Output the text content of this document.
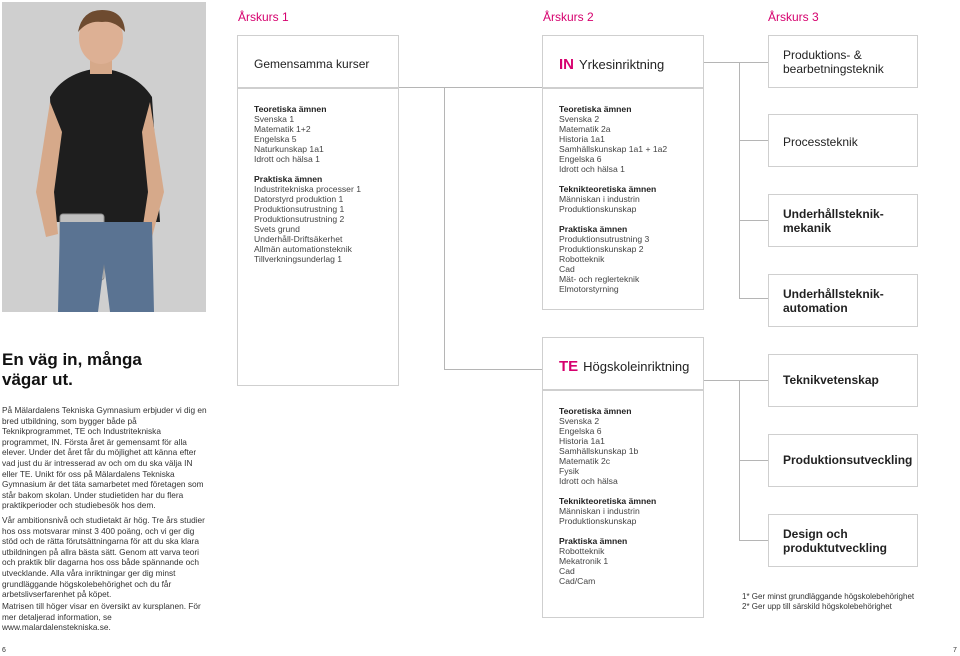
Årskurs 1	Årskurs 2	Årskurs 3
Gemensamma kurser
Teoretiska ämnen
Svenska 1
Matematik 1+2
Engelska 5
Naturkunskap 1a1
Idrott och hälsa 1
Praktiska ämnen
Industritekniska processer 1
Datorstyrd produktion 1
Produktionsutrustning 1
Produktionsutrustning 2
Svets grund
Underhåll-Driftsäkerhet
Allmän automationsteknik
Tillverkningsunderlag 1
IN Yrkesinriktning
Teoretiska ämnen
Svenska 2
Matematik 2a
Historia 1a1
Samhällskunskap 1a1 + 1a2
Engelska 6
Idrott och hälsa 1
Teknikteoretiska ämnen
Människan i industrin
Produktionskunskap
Praktiska ämnen
Produktionsutrustning 3
Produktionskunskap 2
Robotteknik
Cad
Mät- och reglerteknik
Elmotorstyrning
TE Högskoleinriktning
Teoretiska ämnen
Svenska 2
Engelska 6
Historia 1a1
Samhällskunskap 1b
Matematik 2c
Fysik
Idrott och hälsa
Teknikteoretiska ämnen
Människan i industrin
Produktionskunskap
Praktiska ämnen
Robotteknik
Mekatronik 1
Cad
Cad/Cam
Produktions- & bearbetningsteknik
Processteknik
Underhållsteknik-mekanik
Underhållsteknik-automation
Teknikvetenskap
Produktionsutveckling
Design och produktutveckling
1* Ger minst grundläggande högskolebehörighet
2* Ger upp till särskild högskolebehörighet
En väg in, många vägar ut.
På Mälardalens Tekniska Gymnasium erbjuder vi dig en bred utbildning, som bygger både på Teknikprogrammet, TE och Industritekniska programmet, IN. Första året är gemensamt för alla elever. Under det året får du möjlighet att känna efter vad just du är intresserad av och om du ska välja IN eller TE. Unikt för oss på Mälardalens Tekniska Gymnasium är det täta samarbetet med företagen som står bakom skolan. Under studietiden har du flera praktikperioder och studiebesök hos dem.
Vår ambitionsnivå och studietakt är hög. Tre års studier hos oss motsvarar minst 3 400 poäng, och vi ger dig stöd och de rätta förutsättningarna för att du ska klara utbildningen på allra bästa sätt. Genom att varva teori och praktik blir dagarna hos oss både spännande och utvecklande. Alla våra inriktningar ger dig minst grundläggande högskolebehörighet och du får arbetslivserfarenhet på köpet.
Matrisen till höger visar en översikt av kursplanen. För mer detaljerad information, se www.malardalenstekniska.se.
6	7
